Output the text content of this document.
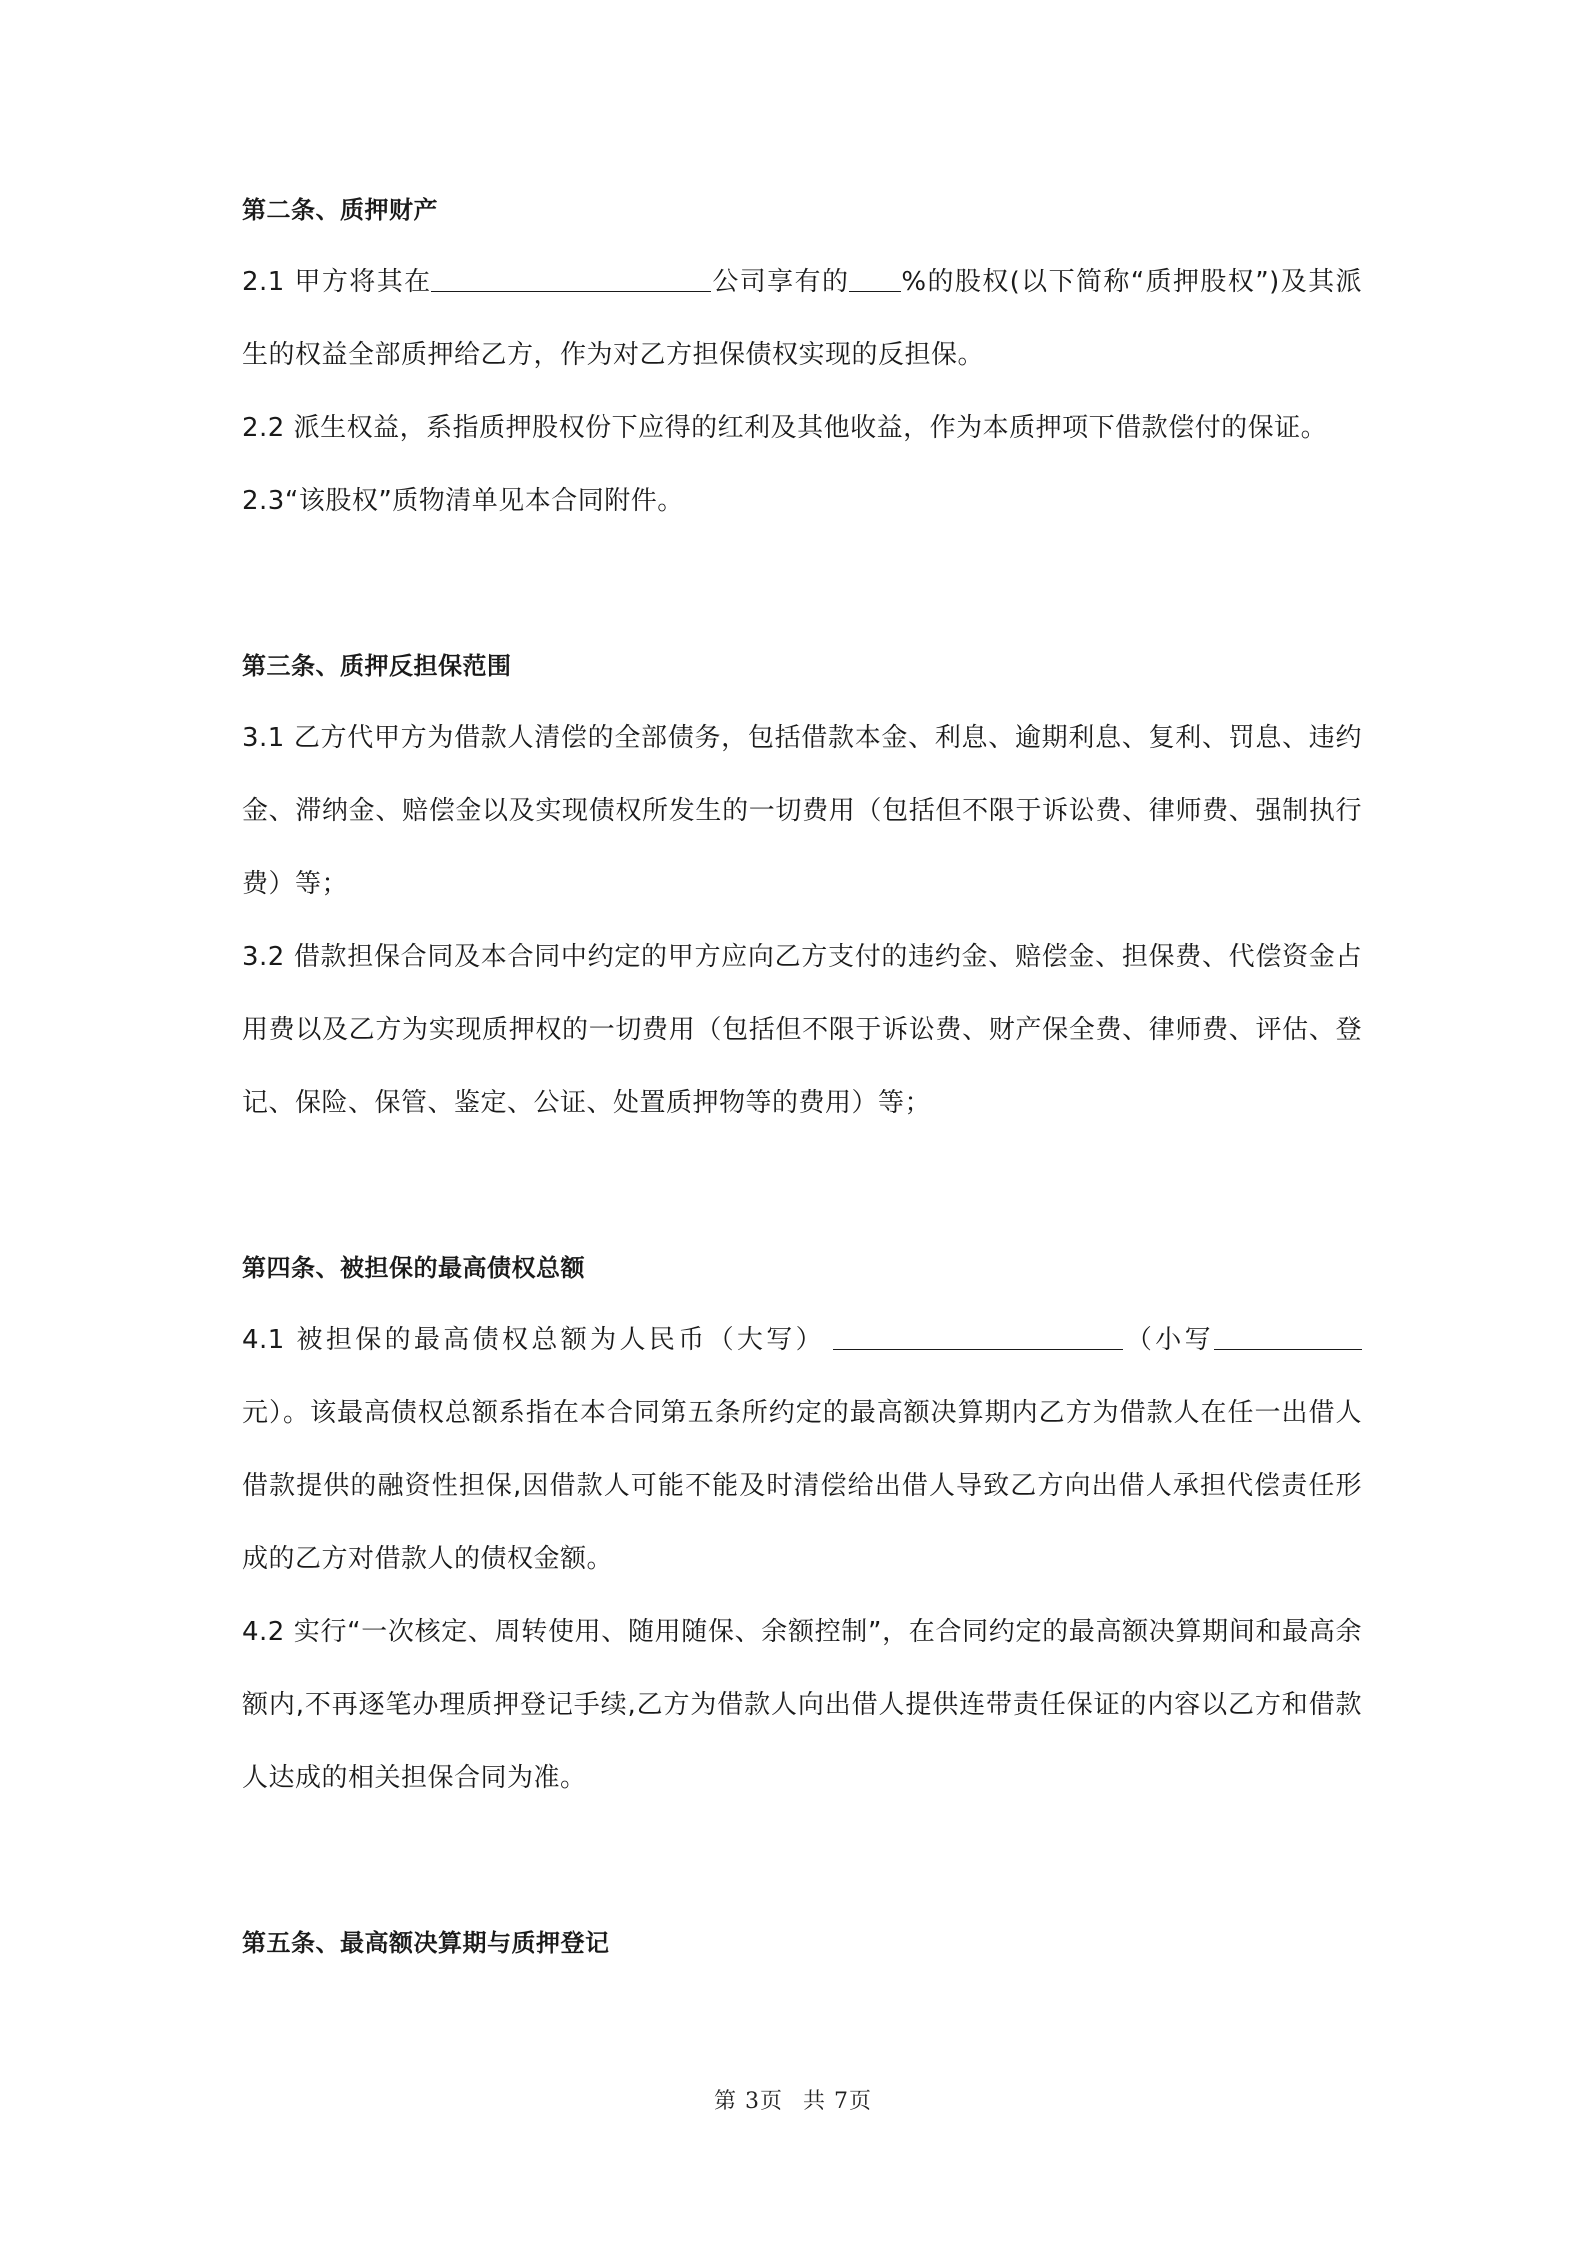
第二条、质押财产

2.1 甲方将其在	公司享有的 %的股权(以下简称“质押股权”)及其派生的权益全部质押给乙方，作为对乙方担保债权实现的反担保。

2.2 派生权益，系指质押股权份下应得的红利及其他收益，作为本质押项下借款偿付的保证。

2.3“该股权”质物清单见本合同附件。

第三条、质押反担保范围

3.1 乙方代甲方为借款人清偿的全部债务，包括借款本金、利息、逾期利息、复利、罚息、违约金、滞纳金、赔偿金以及实现债权所发生的一切费用（包括但不限于诉讼费、律师费、强制执行费）等；

3.2 借款担保合同及本合同中约定的甲方应向乙方支付的违约金、赔偿金、担保费、代偿资金占用费以及乙方为实现质押权的一切费用（包括但不限于诉讼费、财产保全费、律师费、评估、登记、保险、保管、鉴定、公证、处置质押物等的费用）等；

第四条、被担保的最高债权总额

4.1 被担保的最高债权总额为人民币（大写）	（小写元）。该最高债权总额系指在本合同第五条所约定的最高额决算期内乙方为借款人在任一出借人借款提供的融资性担保,因借款人可能不能及时清偿给出借人导致乙方向出借人承担代偿责任形成的乙方对借款人的债权金额。

4.2 实行“一次核定、周转使用、随用随保、余额控制”，在合同约定的最高额决算期间和最高余额内,不再逐笔办理质押登记手续,乙方为借款人向出借人提供连带责任保证的内容以乙方和借款人达成的相关担保合同为准。

第五条、最高额决算期与质押登记
第 3页 共 7页
